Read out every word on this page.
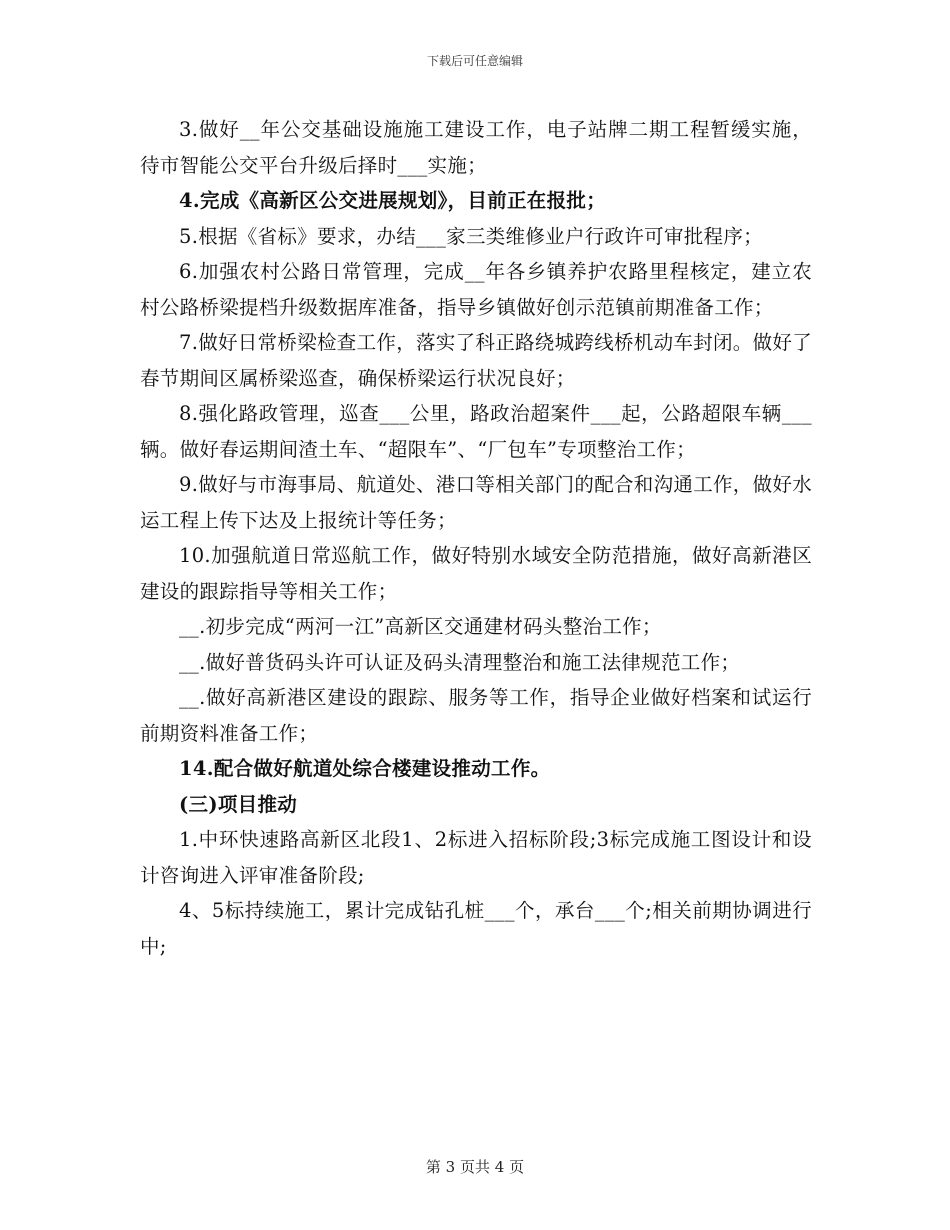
下载后可任意编辑

3.做好__年公交基础设施施工建设工作，电子站牌二期工程暂缓实施，待市智能公交平台升级后择时___实施；

4.完成《高新区公交进展规划》，目前正在报批；

5.根据《省标》要求，办结___家三类维修业户行政许可审批程序；

6.加强农村公路日常管理，完成__年各乡镇养护农路里程核定，建立农村公路桥梁提档升级数据库准备，指导乡镇做好创示范镇前期准备工作；

7.做好日常桥梁检查工作，落实了科正路绕城跨线桥机动车封闭。做好了春节期间区属桥梁巡查，确保桥梁运行状况良好；

8.强化路政管理，巡查___公里，路政治超案件___起，公路超限车辆___辆。做好春运期间渣土车、“超限车”、“厂包车”专项整治工作；

9.做好与市海事局、航道处、港口等相关部门的配合和沟通工作，做好水运工程上传下达及上报统计等任务；

10.加强航道日常巡航工作，做好特别水域安全防范措施，做好高新港区建设的跟踪指导等相关工作；

__.初步完成“两河一江”高新区交通建材码头整治工作；

__.做好普货码头许可认证及码头清理整治和施工法律规范工作；

__.做好高新港区建设的跟踪、服务等工作，指导企业做好档案和试运行前期资料准备工作；

14.配合做好航道处综合楼建设推动工作。

(三)项目推动

1.中环快速路高新区北段1、2标进入招标阶段;3标完成施工图设计和设计咨询进入评审准备阶段;

4、5标持续施工，累计完成钻孔桩___个，承台___个;相关前期协调进行中;

第 3 页共 4 页
